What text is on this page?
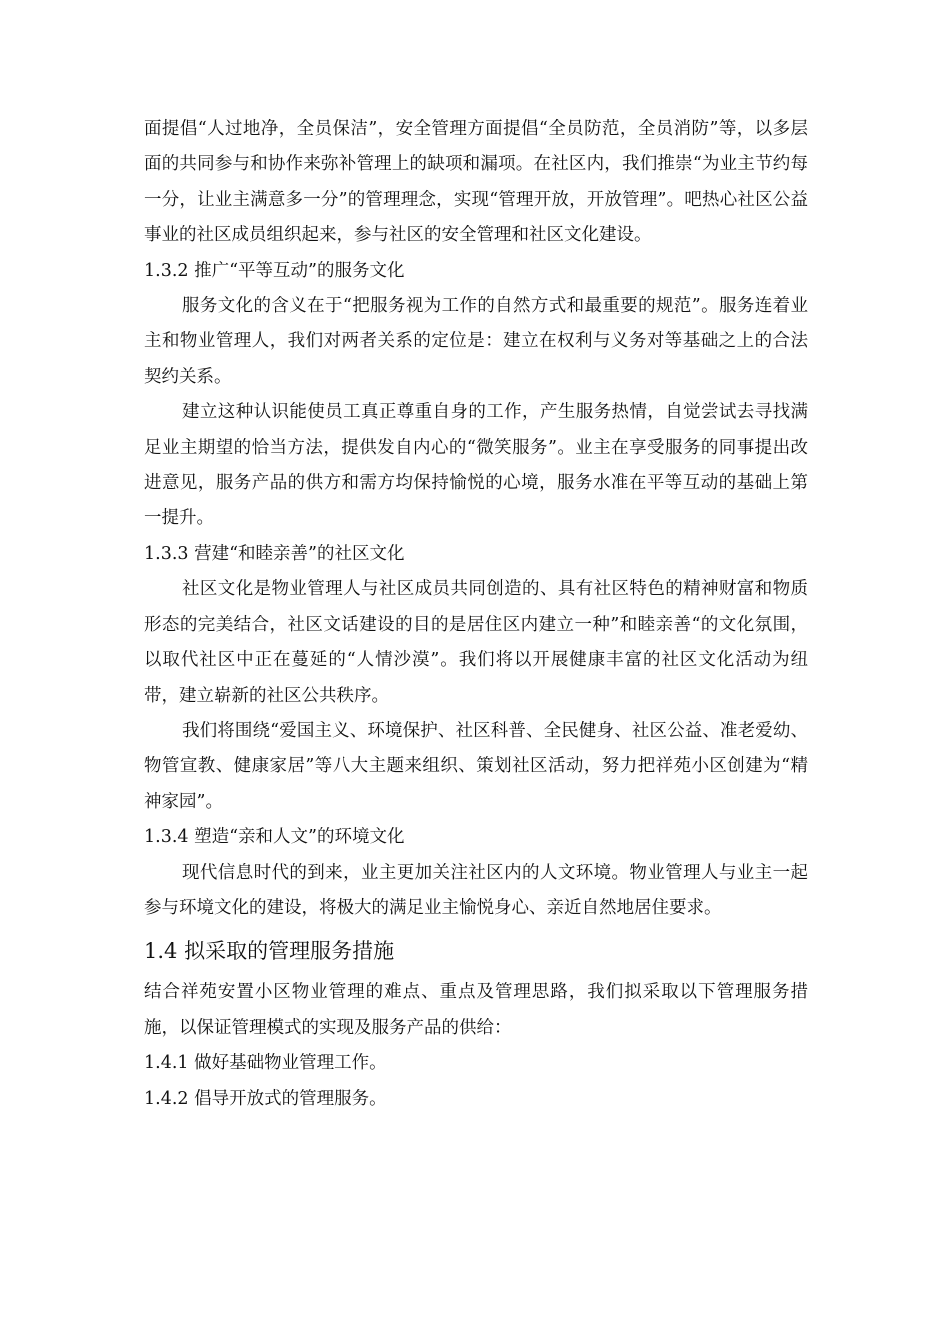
面提倡“人过地净，全员保洁”，安全管理方面提倡“全员防范，全员消防”等，以多层面的共同参与和协作来弥补管理上的缺项和漏项。在社区内，我们推崇“为业主节约每一分，让业主满意多一分”的管理理念，实现“管理开放，开放管理”。吧热心社区公益事业的社区成员组织起来，参与社区的安全管理和社区文化建设。

1.3.2 推广“平等互动”的服务文化

服务文化的含义在于“把服务视为工作的自然方式和最重要的规范”。服务连着业主和物业管理人，我们对两者关系的定位是：建立在权利与义务对等基础之上的合法契约关系。

建立这种认识能使员工真正尊重自身的工作，产生服务热情，自觉尝试去寻找满足业主期望的恰当方法，提供发自内心的“微笑服务”。业主在享受服务的同事提出改进意见，服务产品的供方和需方均保持愉悦的心境，服务水准在平等互动的基础上第一提升。

1.3.3 营建“和睦亲善”的社区文化

社区文化是物业管理人与社区成员共同创造的、具有社区特色的精神财富和物质形态的完美结合，社区文话建设的目的是居住区内建立一种”和睦亲善“的文化氛围，以取代社区中正在蔓延的“人情沙漠”。我们将以开展健康丰富的社区文化活动为纽带，建立崭新的社区公共秩序。

我们将围绕“爱国主义、环境保护、社区科普、全民健身、社区公益、准老爱幼、物管宣教、健康家居”等八大主题来组织、策划社区活动，努力把祥苑小区创建为“精神家园”。

1.3.4 塑造“亲和人文”的环境文化

现代信息时代的到来，业主更加关注社区内的人文环境。物业管理人与业主一起参与环境文化的建设，将极大的满足业主愉悦身心、亲近自然地居住要求。

1.4 拟采取的管理服务措施

结合祥苑安置小区物业管理的难点、重点及管理思路，我们拟采取以下管理服务措施，以保证管理模式的实现及服务产品的供给：

1.4.1 做好基础物业管理工作。

1.4.2 倡导开放式的管理服务。
